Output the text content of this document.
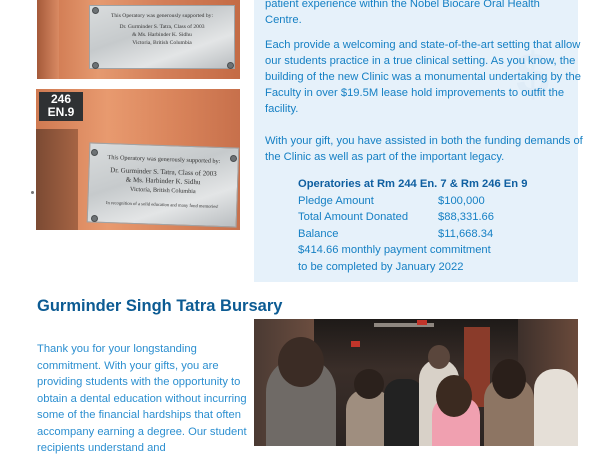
This Operatory was generously supported by:
Dr. Gurminder S. Tatra, Class of 2003
& Ms. Harbinder K. Sidhu
Victoria, British Columbia
246
EN.9
This Operatory was generously supported by:
Dr. Gurminder S. Tatra, Class of 2003
& Ms. Harbinder K. Sidhu
Victoria, British Columbia
In recognition of a solid education and many fond memories!
$

patient experience within the Nobel Biocare Oral Health Centre.

Each provide a welcoming and state-of-the-art setting that allow our students practice in a true clinical setting. As you know, the building of the new Clinic was a monumental undertaking by the Faculty in over $19.5M lease hold improvements to outfit the facility.

With your gift, you have assisted in both the funding demands of the Clinic as well as part of the important legacy.

Operatories at Rm 244 En. 7 & Rm 246 En 9
Pledge Amount	$100,000
Total Amount Donated	$88,331.66
Balance	$11,668.34
$414.66 monthly payment commitment
to be completed by January 2022
Gurminder Singh Tatra Bursary

Thank you for your longstanding commitment. With your gifts, you are providing students with the opportunity to obtain a dental education without incurring some of the financial hardships that often accompany earning a degree. Our student recipients understand and
